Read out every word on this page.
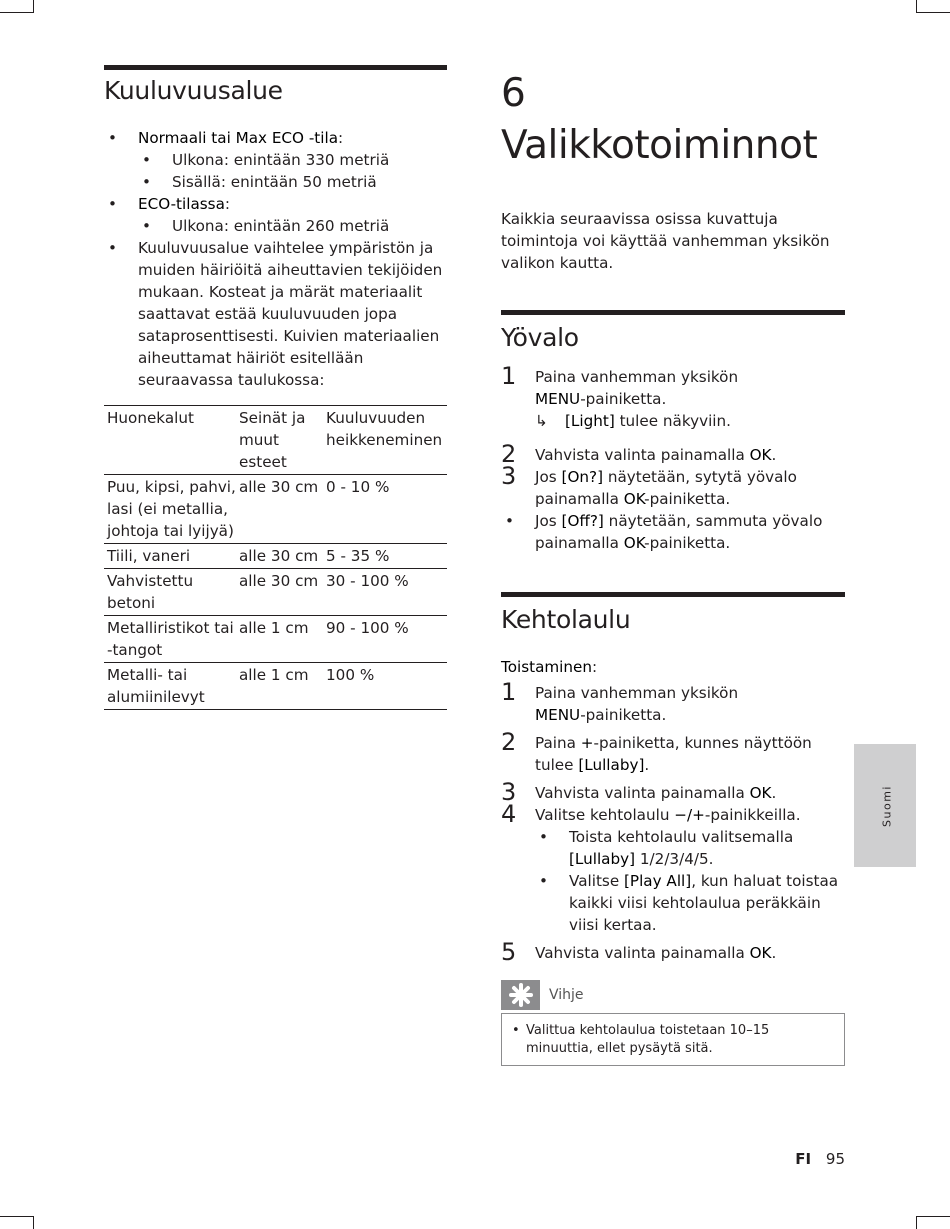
Kuuluvuusalue
• Normaali tai Max ECO -tila:
• Ulkona: enintään 330 metriä
• Sisällä: enintään 50 metriä
• ECO-tilassa:
• Ulkona: enintään 260 metriä
• Kuuluvuusalue vaihtelee ympäristön ja muiden häiriöitä aiheuttavien tekijöiden mukaan. Kosteat ja märät materiaalit saattavat estää kuuluvuuden jopa sataprosenttisesti. Kuivien materiaalien aiheuttamat häiriöt esitellään seuraavassa taulukossa:
Huonekalut	Seinät ja muut esteet	Kuuluvuuden heikkeneminen
Puu, kipsi, pahvi, lasi (ei metallia, johtoja tai lyijyä)	alle 30 cm	0 - 10 %
Tiili, vaneri	alle 30 cm	5 - 35 %
Vahvistettu betoni	alle 30 cm	30 - 100 %
Metalliristikot tai -tangot	alle 1 cm	90 - 100 %
Metalli- tai alumiinilevyt	alle 1 cm	100 %
6Valikkotoiminnot
Kaikkia seuraavissa osissa kuvattuja toimintoja voi käyttää vanhemman yksikön valikon kautta.
Yövalo
1 Paina vanhemman yksikön
MENU-painiketta.
↳ [Light] tulee näkyviin.
2 Vahvista valinta painamalla OK.
3 Jos [On?] näytetään, sytytä yövalo painamalla OK-painiketta.
• Jos [Off?] näytetään, sammuta yövalo painamalla OK-painiketta.
Kehtolaulu
Toistaminen:
1 Paina vanhemman yksikön
MENU-painiketta.
2 Paina +-painiketta, kunnes näyttöön tulee [Lullaby].
3 Vahvista valinta painamalla OK.
4 Valitse kehtolaulu −/+-painikkeilla.
• Toista kehtolaulu valitsemalla [Lullaby] 1/2/3/4/5.
• Valitse [Play All], kun haluat toistaa kaikki viisi kehtolaulua peräkkäin viisi kertaa.
5 Vahvista valinta painamalla OK.
Vihje
• Valittua kehtolaulua toistetaan 10–15 minuuttia, ellet pysäytä sitä.
Suomi
FI 95
